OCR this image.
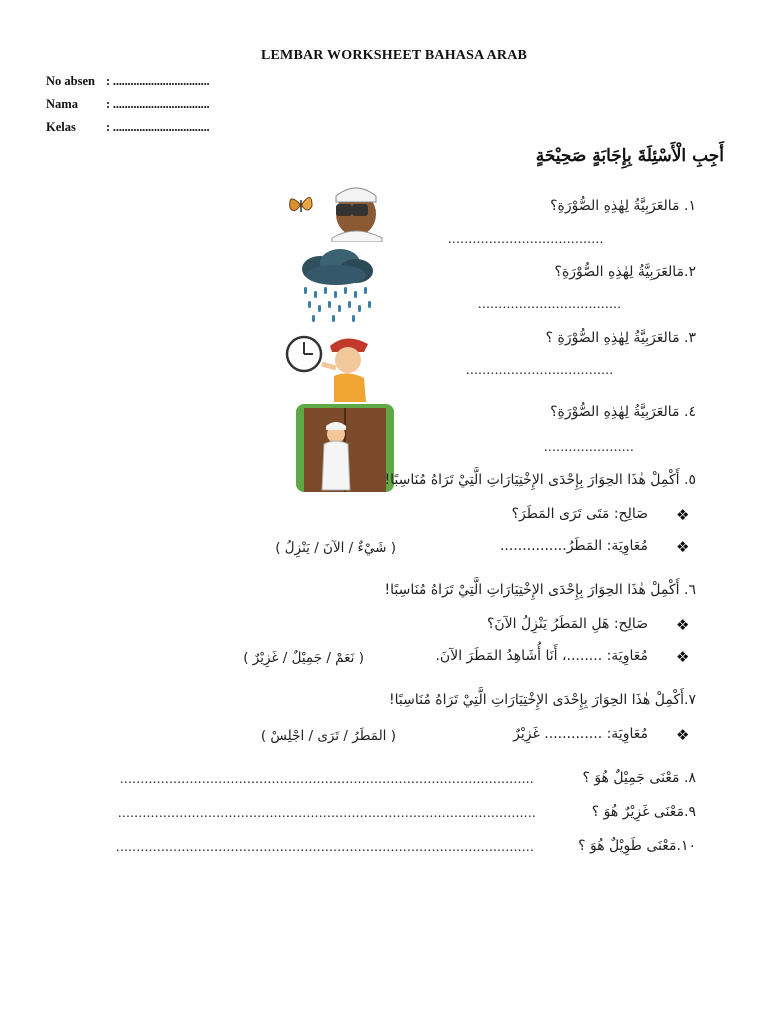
LEMBAR WORKSHEET BAHASA ARAB
No absen : .................................
Nama : .................................
Kelas : .................................
أَجِبِ الْأَسْئِلَةَ بِإِجَابَةٍ صَحِيْحَةٍ
١. مَالعَرَبِيَّةُ لِهٰذِهِ الصُّوْرَةِ؟
......................................
٢.مَالعَرَبِيَّةُ لِهٰذِهِ الصُّوْرَةِ؟
...................................
٣. مَالعَرَبِيَّةُ لِهٰذِهِ الصُّوْرَةِ ؟
....................................
٤. مَالعَرَبِيَّةُ لِهٰذِهِ الصُّوْرَةِ؟
......................
٥. أَكْمِلْ هٰذَا الحِوَارَ بِإِحْدَى الإِخْتِيَارَاتِ الَّتِيْ تَرَاهُ مُنَاسِبًا!
❖
صَالِح: مَتَى تَرَى المَطَرَ؟
❖
مُعَاوِيَة: المَطَرُ...............
( شَيْءٌ / الآنَ / يَنْزِلُ )
٦. أَكْمِلْ هٰذَا الحِوَارَ بِإِحْدَى الإِخْتِيَارَاتِ الَّتِيْ تَرَاهُ مُنَاسِبًا!
❖
صَالِح: هَلِ المَطَرُ يَنْزِلُ الآنَ؟
❖
مُعَاوِيَة: ........، أَنَا أُشَاهِدُ المَطَرَ الآنَ.
( نَعَمْ / جَمِيْلٌ / غَزِيْرٌ )
٧.أَكْمِلْ هٰذَا الحِوَارَ بِإِحْدَى الإِخْتِيَارَاتِ الَّتِيْ تَرَاهُ مُنَاسِبًا!
❖
مُعَاوِيَة: ............. غَزِيْرٌ
( المَطَرُ / تَرَى / اجْلِسْ )
٨. مَعْنَى جَمِيْلٌ هُوَ ؟
.....................................................................................................
٩.مَعْنَى غَزِيْرٌ هُوَ ؟
......................................................................................................
١٠.مَعْنَى طَوِيْلٌ هُوَ ؟
......................................................................................................
